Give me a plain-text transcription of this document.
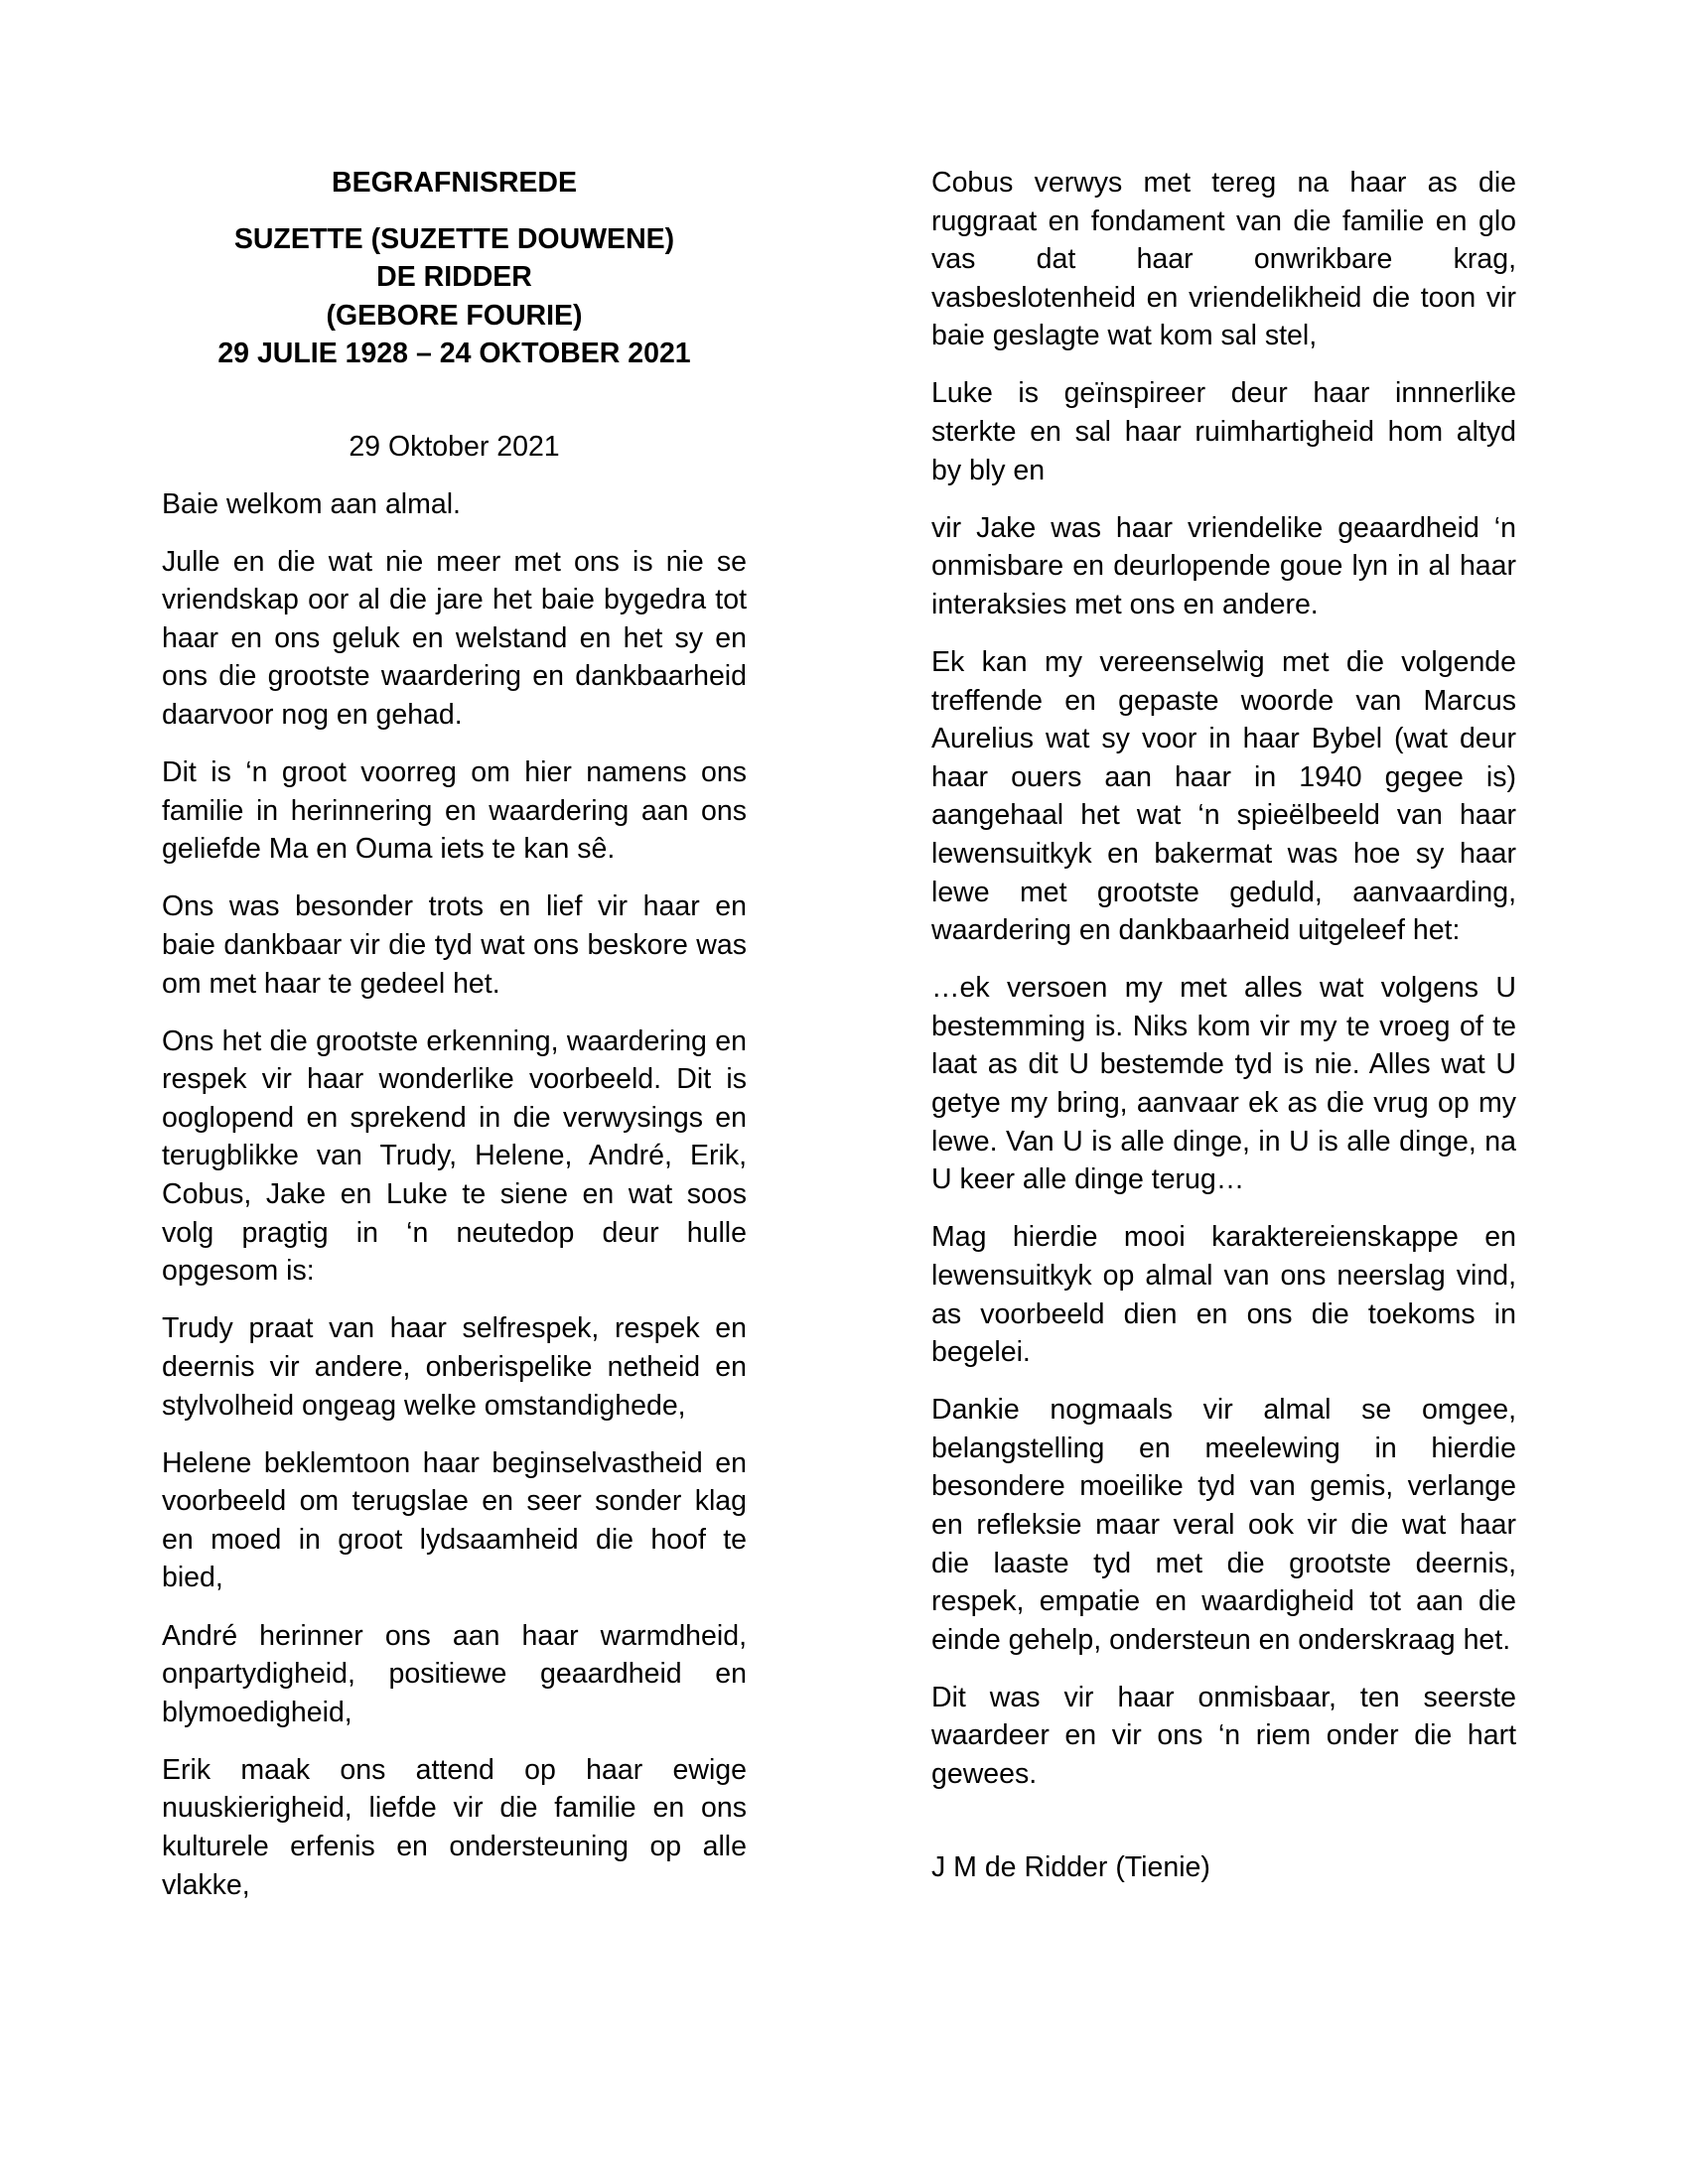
BEGRAFNISREDE
SUZETTE (SUZETTE DOUWENE)
DE RIDDER
(GEBORE FOURIE)
29 JULIE 1928 – 24 OKTOBER 2021

29 Oktober 2021

Baie welkom aan almal.

Julle en die wat nie meer met ons is nie se vriendskap oor al die jare het baie bygedra tot haar en ons geluk en welstand en het sy en ons die grootste waardering en dankbaarheid daarvoor nog en gehad.

Dit is ‘n groot voorreg om hier namens ons familie in herinnering en waardering aan ons geliefde Ma en Ouma iets te kan sê.

Ons was besonder trots en lief vir haar en baie dankbaar vir die tyd wat ons beskore was om met haar te gedeel het.

Ons het die grootste erkenning, waardering en respek vir haar wonderlike voorbeeld. Dit is ooglopend en sprekend in die verwysings en terugblikke van Trudy, Helene, André, Erik, Cobus, Jake en Luke te siene en wat soos volg pragtig in ‘n neutedop deur hulle opgesom is:

Trudy praat van haar selfrespek, respek en deernis vir andere, onberispelike netheid en stylvolheid ongeag welke omstandighede,

Helene beklemtoon haar beginselvastheid en voorbeeld om terugslae en seer sonder klag en moed in groot lydsaamheid die hoof te bied,

André herinner ons aan haar warmdheid, onpartydigheid, positiewe geaardheid en blymoedigheid,

Erik maak ons attend op haar ewige nuuskierigheid, liefde vir die familie en ons kulturele erfenis en ondersteuning op alle vlakke,

Cobus verwys met tereg na haar as die ruggraat en fondament van die familie en glo vas dat haar onwrikbare krag, vasbeslotenheid en vriendelikheid die toon vir baie geslagte wat kom sal stel,

Luke is geïnspireer deur haar innnerlike sterkte en sal haar ruimhartigheid hom altyd by bly en

vir Jake was haar vriendelike geaardheid ‘n onmisbare en deurlopende goue lyn in al haar interaksies met ons en andere.

Ek kan my vereenselwig met die volgende treffende en gepaste woorde van Marcus Aurelius wat sy voor in haar Bybel (wat deur haar ouers aan haar in 1940 gegee is) aangehaal het wat ‘n spieëlbeeld van haar lewensuitkyk en bakermat was hoe sy haar lewe met grootste geduld, aanvaarding, waardering en dankbaarheid uitgeleef het:

…ek versoen my met alles wat volgens U bestemming is. Niks kom vir my te vroeg of te laat as dit U bestemde tyd is nie. Alles wat U getye my bring, aanvaar ek as die vrug op my lewe. Van U is alle dinge, in U is alle dinge, na U keer alle dinge terug…

Mag hierdie mooi karaktereienskappe en lewensuitkyk op almal van ons neerslag vind, as voorbeeld dien en ons die toekoms in begelei.

Dankie nogmaals vir almal se omgee, belangstelling en meelewing in hierdie besondere moeilike tyd van gemis, verlange en refleksie maar veral ook vir die wat haar die laaste tyd met die grootste deernis, respek, empatie en waardigheid tot aan die einde gehelp, ondersteun en onderskraag het.

Dit was vir haar onmisbaar, ten seerste waardeer en vir ons ‘n riem onder die hart gewees.

J M de Ridder (Tienie)
